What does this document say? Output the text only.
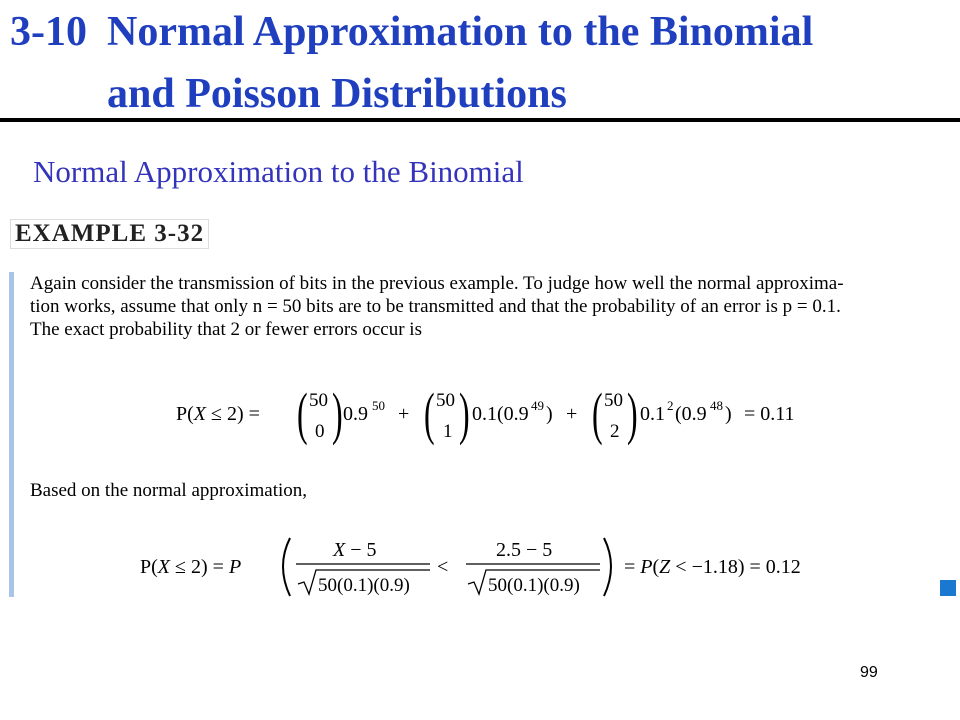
3-10 Normal Approximation to the Binomial
and Poisson Distributions
Normal Approximation to the Binomial
EXAMPLE 3-32
Again consider the transmission of bits in the previous example. To judge how well the normal approxima-
tion works, assume that only n = 50 bits are to be transmitted and that the probability of an error is p = 0.1.
The exact probability that 2 or fewer errors occur is
P(X ≤ 2) = ( 50
0 ) 0.9 50 + ( 50
1 ) 0.1(0.9 49 ) + ( 50
2 ) 0.1 2 (0.9 48 ) = 0.11
Based on the normal approximation,
P(X ≤ 2) = P
X − 5
50(0.1)(0.9)
<
2.5 − 5
50(0.1)(0.9)
= P(Z < −1.18) = 0.12
99
